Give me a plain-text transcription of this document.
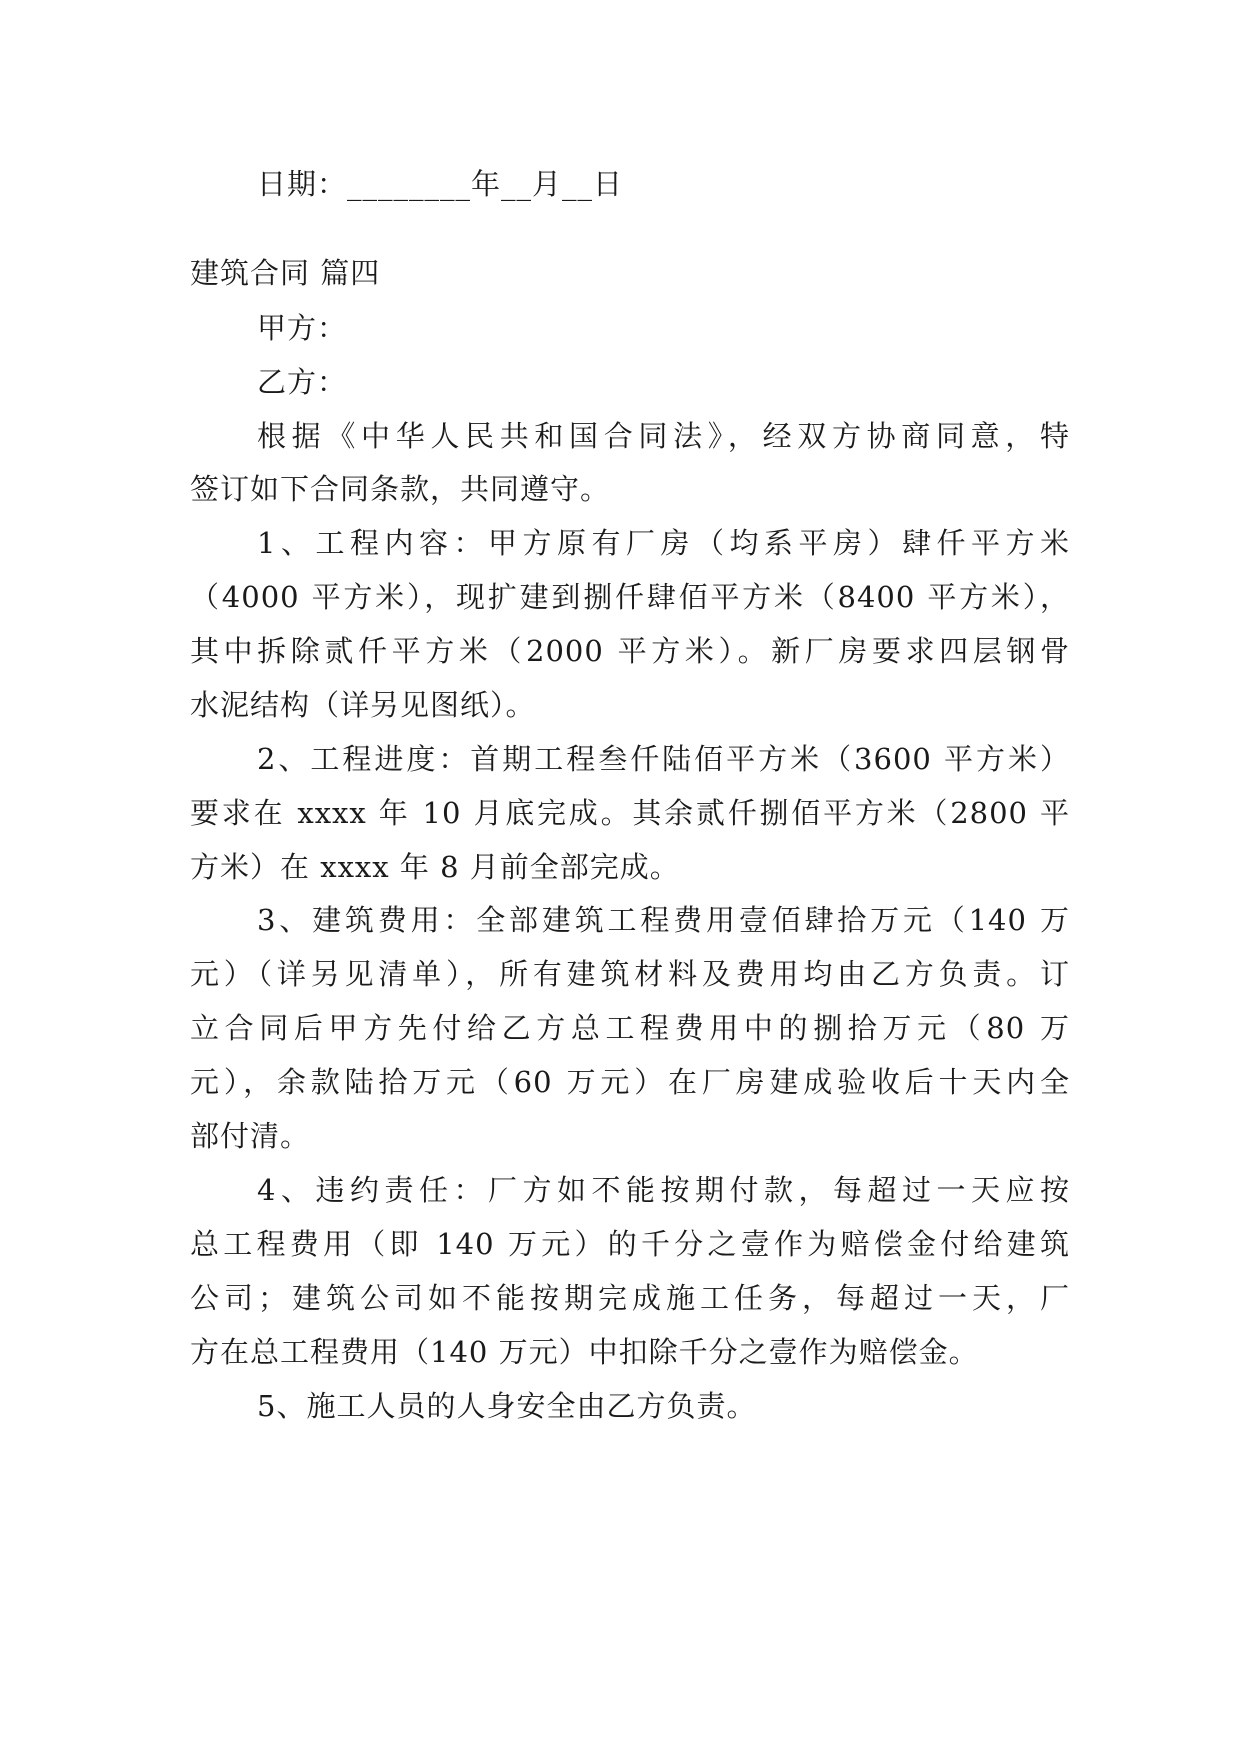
日期：________年__月__日
建筑合同 篇四
甲方：
乙方：
根据《中华人民共和国合同法》，经双方协商同意，特
签订如下合同条款，共同遵守。
1、工程内容：甲方原有厂房（均系平房）肆仟平方米
（4000 平方米），现扩建到捌仟肆佰平方米（8400 平方米），
其中拆除贰仟平方米（2000 平方米）。新厂房要求四层钢骨
水泥结构（详另见图纸）。
2、工程进度：首期工程叁仟陆佰平方米（3600 平方米）
要求在 xxxx 年 10 月底完成。其余贰仟捌佰平方米（2800 平
方米）在 xxxx 年 8 月前全部完成。
3、建筑费用：全部建筑工程费用壹佰肆拾万元（140 万
元）（详另见清单），所有建筑材料及费用均由乙方负责。订
立合同后甲方先付给乙方总工程费用中的捌拾万元（80 万
元），余款陆拾万元（60 万元）在厂房建成验收后十天内全
部付清。
4、违约责任：厂方如不能按期付款，每超过一天应按
总工程费用（即 140 万元）的千分之壹作为赔偿金付给建筑
公司；建筑公司如不能按期完成施工任务，每超过一天，厂
方在总工程费用（140 万元）中扣除千分之壹作为赔偿金。
5、施工人员的人身安全由乙方负责。
